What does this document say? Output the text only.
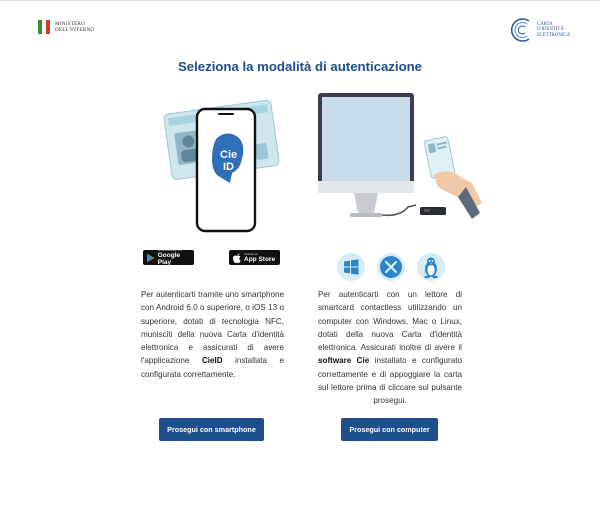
MINISTERO
DELL'INTERNO
CARTA
D'IDENTITÀ
ELETTRONICA
Seleziona la modalità di autenticazione
Cie
ID
DISPONIBILE SU
Google Play
Scarica su
App Store

Per autenticarti tramite uno smartphone con Android 6.0 o superiore, o iOS 13 o superiore, dotati di tecnologia NFC, munisciti della nuova Carta d'identità elettronica e assicurati di avere l'applicazione CieID installata e configurata correttamente.

Per autenticarti con un lettore di smartcard contactless utilizzando un computer con Windows, Mac o Linux, dotati della nuova Carta d'identità elettronica. Assicurati inoltre di avere il software Cie installato e configurato correttamente e di appoggiare la carta sul lettore prima di cliccare sul pulsante prosegui.

Prosegui con smartphone	Prosegui con computer
